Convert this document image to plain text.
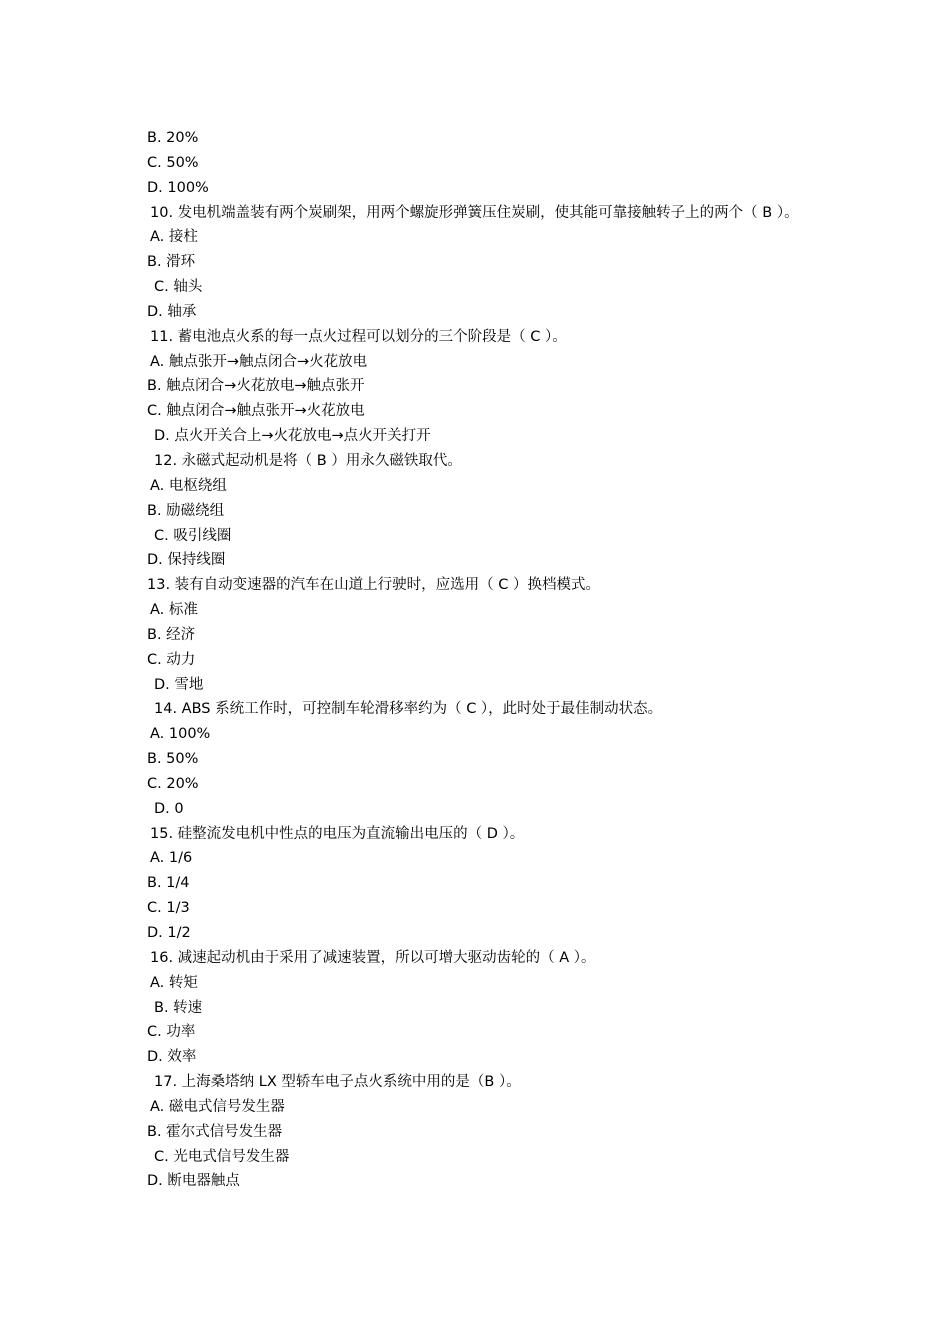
B. 20%
C. 50%
D. 100%
10. 发电机端盖装有两个炭刷架，用两个螺旋形弹簧压住炭刷，使其能可靠接触转子上的两个（ B ）。
A. 接柱
B. 滑环
C. 轴头
D. 轴承
11. 蓄电池点火系的每一点火过程可以划分的三个阶段是（ C ）。
A. 触点张开→触点闭合→火花放电
B. 触点闭合→火花放电→触点张开
C. 触点闭合→触点张开→火花放电
D. 点火开关合上→火花放电→点火开关打开
12. 永磁式起动机是将（ B ）用永久磁铁取代。
A. 电枢绕组
B. 励磁绕组
C. 吸引线圈
D. 保持线圈
13. 装有自动变速器的汽车在山道上行驶时，应选用（ C ）换档模式。
A. 标准
B. 经济
C. 动力
D. 雪地
14. ABS 系统工作时，可控制车轮滑移率约为（ C ），此时处于最佳制动状态。
A. 100%
B. 50%
C. 20%
D. 0
15. 硅整流发电机中性点的电压为直流输出电压的（ D ）。
A. 1/6
B. 1/4
C. 1/3
D. 1/2
16. 减速起动机由于采用了减速装置，所以可增大驱动齿轮的（ A ）。
A. 转矩
B. 转速
C. 功率
D. 效率
17. 上海桑塔纳 LX 型轿车电子点火系统中用的是（B ）。
A. 磁电式信号发生器
B. 霍尔式信号发生器
C. 光电式信号发生器
D. 断电器触点
